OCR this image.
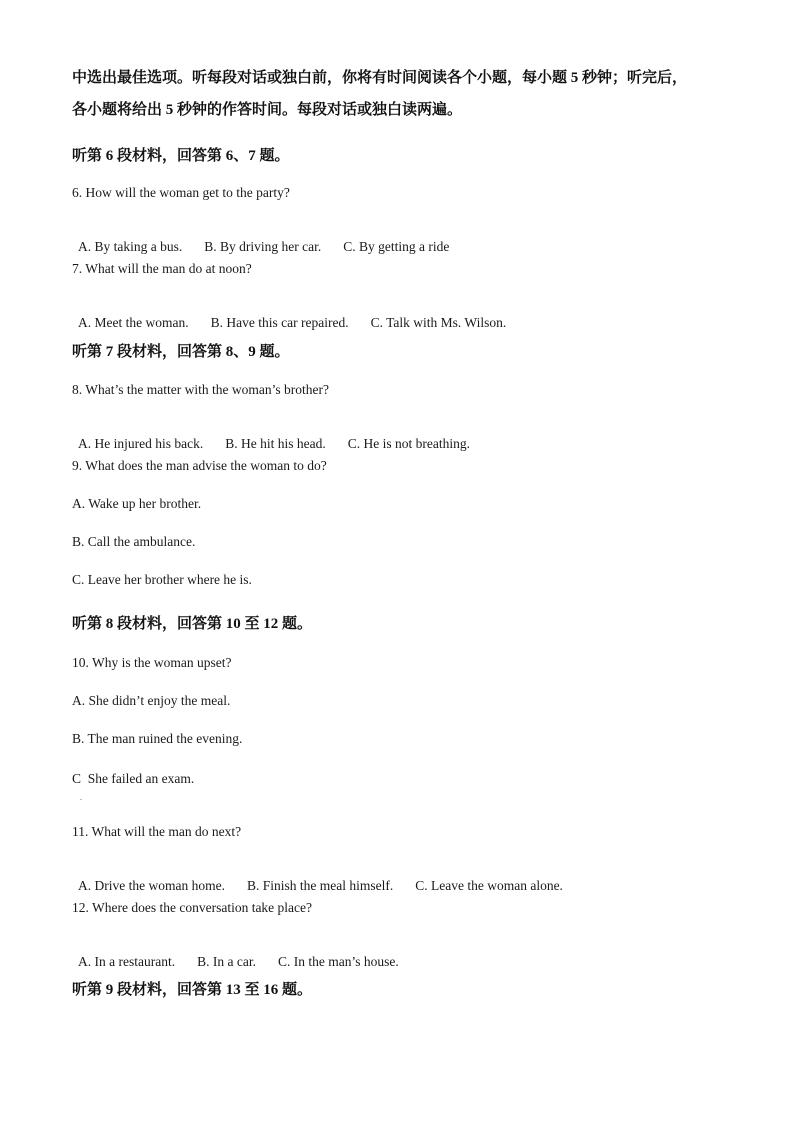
中选出最佳选项。听每段对话或独白前，你将有时间阅读各个小题，每小题 5 秒钟；听完后，
各小题将给出 5 秒钟的作答时间。每段对话或独白读两遍。
听第 6 段材料，回答第 6、7 题。
6. How will the woman get to the party?

A. By taking a bus. B. By driving her car. C. By getting a ride

7. What will the man do at noon?

A. Meet the woman. B. Have this car repaired. C. Talk with Ms. Wilson.

听第 7 段材料，回答第 8、9 题。
8. What’s the matter with the woman’s brother?

A. He injured his back. B. He hit his head. C. He is not breathing.

9. What does the man advise the woman to do?
A. Wake up her brother.
B. Call the ambulance.
C. Leave her brother where he is.
听第 8 段材料，回答第 10 至 12 题。
10. Why is the woman upset?
A. She didn’t enjoy the meal.
B. The man ruined the evening.
C  She failed an exam.
.
11. What will the man do next?

A. Drive the woman home. B. Finish the meal himself. C. Leave the woman alone.

12. Where does the conversation take place?

A. In a restaurant. B. In a car. C. In the man’s house.

听第 9 段材料，回答第 13 至 16 题。
